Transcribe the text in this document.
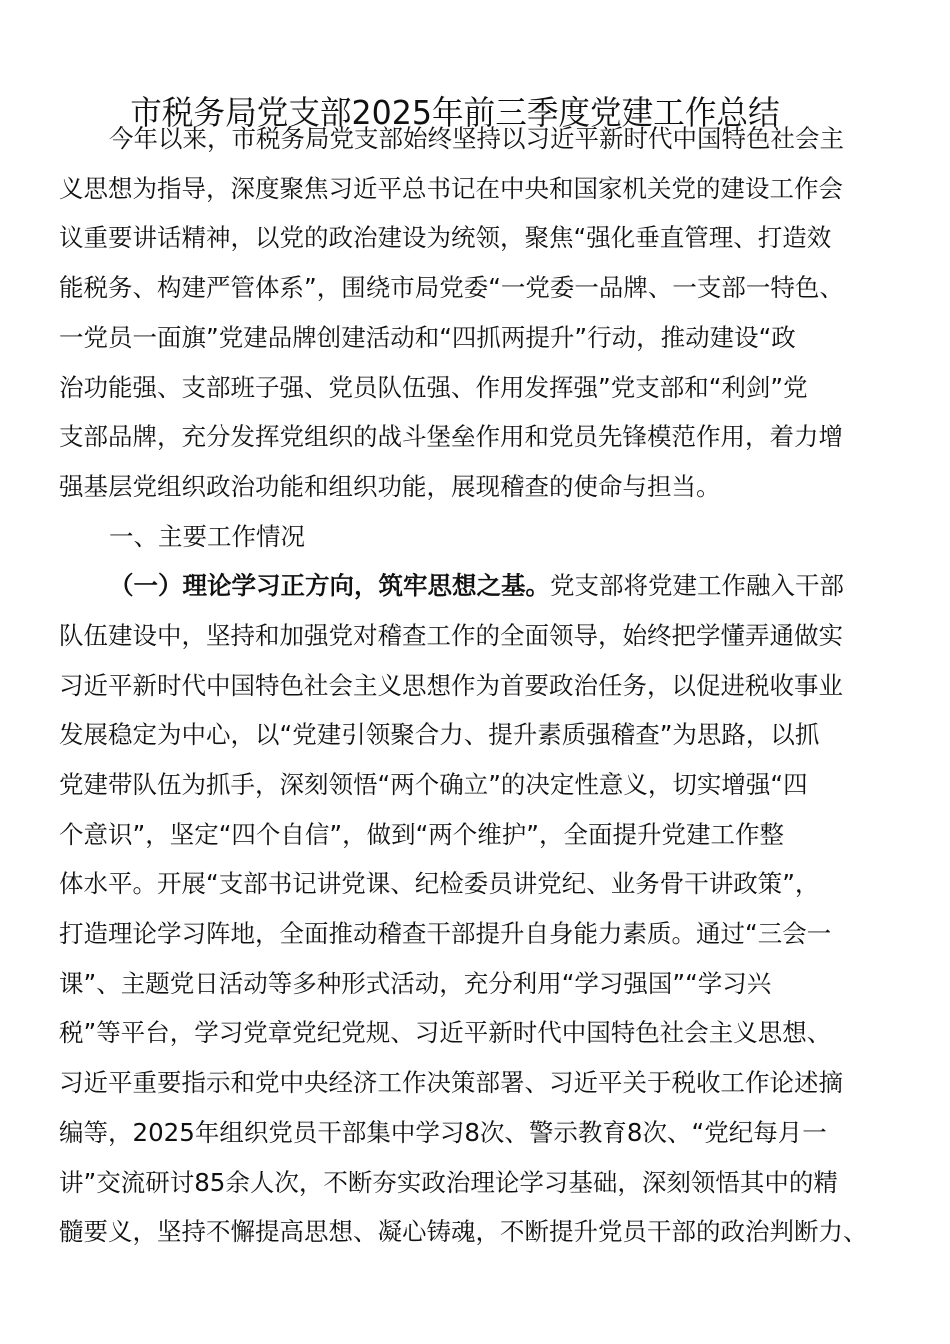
市税务局党支部2025年前三季度党建工作总结
今年以来，市税务局党支部始终坚持以习近平新时代中国特色社会主
义思想为指导，深度聚焦习近平总书记在中央和国家机关党的建设工作会
议重要讲话精神，以党的政治建设为统领，聚焦“强化垂直管理、打造效
能税务、构建严管体系”，围绕市局党委“一党委一品牌、一支部一特色、
一党员一面旗”党建品牌创建活动和“四抓两提升”行动，推动建设“政
治功能强、支部班子强、党员队伍强、作用发挥强”党支部和“利剑”党
支部品牌，充分发挥党组织的战斗堡垒作用和党员先锋模范作用，着力增
强基层党组织政治功能和组织功能，展现稽查的使命与担当。
一、主要工作情况
（一）理论学习正方向，筑牢思想之基。党支部将党建工作融入干部
队伍建设中，坚持和加强党对稽查工作的全面领导，始终把学懂弄通做实
习近平新时代中国特色社会主义思想作为首要政治任务，以促进税收事业
发展稳定为中心，以“党建引领聚合力、提升素质强稽查”为思路，以抓
党建带队伍为抓手，深刻领悟“两个确立”的决定性意义，切实增强“四
个意识”，坚定“四个自信”，做到“两个维护”，全面提升党建工作整
体水平。开展“支部书记讲党课、纪检委员讲党纪、业务骨干讲政策”，
打造理论学习阵地，全面推动稽查干部提升自身能力素质。通过“三会一
课”、主题党日活动等多种形式活动，充分利用“学习强国”“学习兴
税”等平台，学习党章党纪党规、习近平新时代中国特色社会主义思想、
习近平重要指示和党中央经济工作决策部署、习近平关于税收工作论述摘
编等，2025年组织党员干部集中学习8次、警示教育8次、“党纪每月一
讲”交流研讨85余人次，不断夯实政治理论学习基础，深刻领悟其中的精
髓要义，坚持不懈提高思想、凝心铸魂，不断提升党员干部的政治判断力、
